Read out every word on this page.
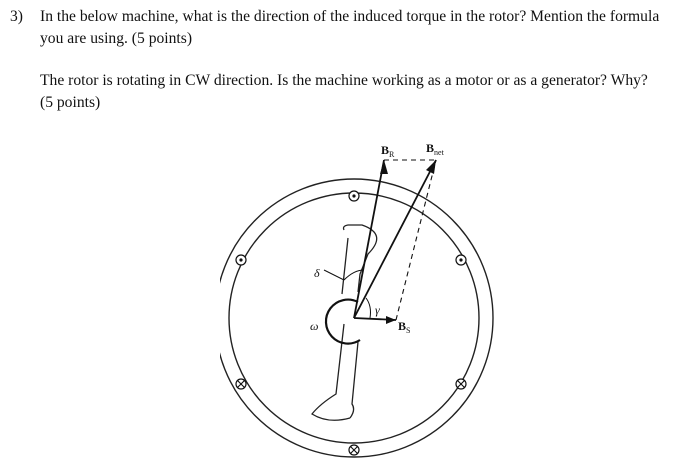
3) In the below machine, what is the direction of the induced torque in the rotor? Mention the formula you are using. (5 points)
The rotor is rotating in CW direction. Is the machine working as a motor or as a generator? Why? (5 points)
$B_R$	$B_{net}$
$B_S$
δ
γ
ω
